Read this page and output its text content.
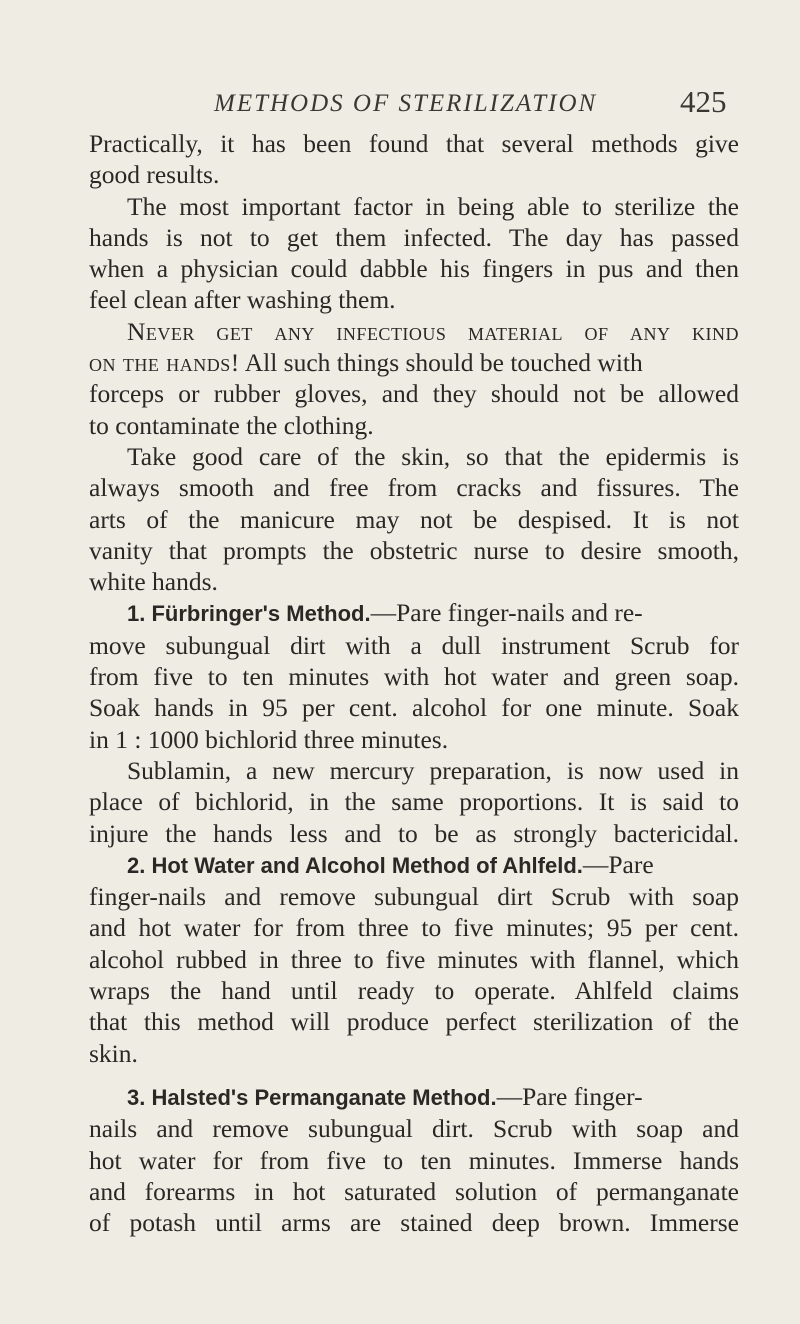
METHODS OF STERILIZATION	425
Practically, it has been found that several methods give
good results.
The most important factor in being able to sterilize the
hands is not to get them infected. The day has passed
when a physician could dabble his fingers in pus and then
feel clean after washing them.
Never get any infectious material of any kind
on the hands! All such things should be touched with
forceps or rubber gloves, and they should not be allowed
to contaminate the clothing.
Take good care of the skin, so that the epidermis is
always smooth and free from cracks and fissures. The
arts of the manicure may not be despised. It is not
vanity that prompts the obstetric nurse to desire smooth,
white hands.
1. Fürbringer's Method.—Pare finger-nails and re-
move subungual dirt with a dull instrument Scrub for
from five to ten minutes with hot water and green soap.
Soak hands in 95 per cent. alcohol for one minute. Soak
in 1 : 1000 bichlorid three minutes.
Sublamin, a new mercury preparation, is now used in
place of bichlorid, in the same proportions. It is said to
injure the hands less and to be as strongly bactericidal.
2. Hot Water and Alcohol Method of Ahlfeld.—Pare
finger-nails and remove subungual dirt Scrub with soap
and hot water for from three to five minutes; 95 per cent.
alcohol rubbed in three to five minutes with flannel, which
wraps the hand until ready to operate. Ahlfeld claims
that this method will produce perfect sterilization of the
skin.
3. Halsted's Permanganate Method.—Pare finger-
nails and remove subungual dirt. Scrub with soap and
hot water for from five to ten minutes. Immerse hands
and forearms in hot saturated solution of permanganate
of potash until arms are stained deep brown. Immerse
